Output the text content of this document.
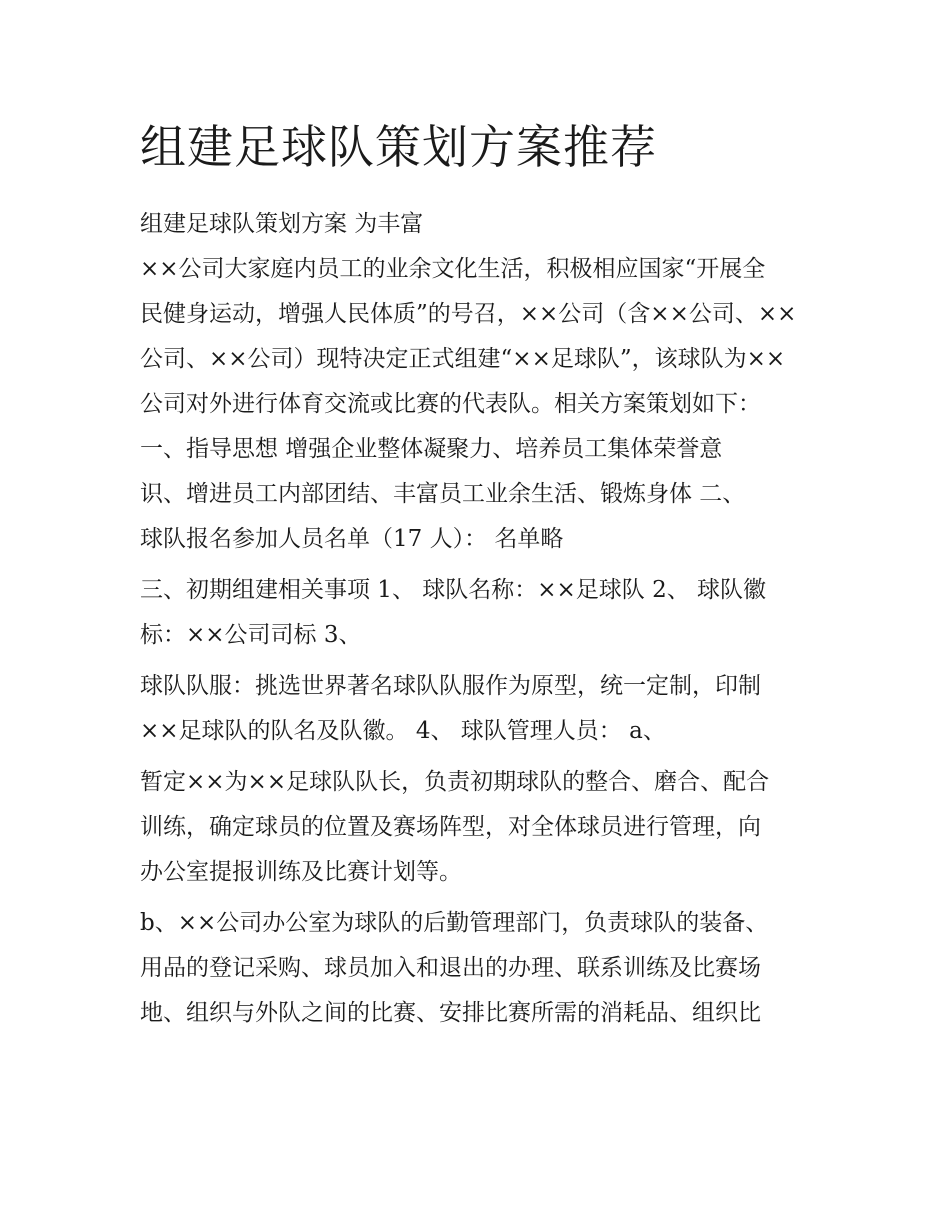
组建足球队策划方案推荐

组建足球队策划方案 为丰富

××公司大家庭内员工的业余文化生活，积极相应国家“开展全

民健身运动，增强人民体质”的号召，××公司（含××公司、××

公司、××公司）现特决定正式组建“××足球队”，该球队为××

公司对外进行体育交流或比赛的代表队。相关方案策划如下：

一、指导思想 增强企业整体凝聚力、培养员工集体荣誉意

识、增进员工内部团结、丰富员工业余生活、锻炼身体 二、

球队报名参加人员名单（17 人）： 名单略

三、初期组建相关事项 1、 球队名称：××足球队 2、 球队徽

标：××公司司标 3、

球队队服：挑选世界著名球队队服作为原型，统一定制，印制

××足球队的队名及队徽。 4、 球队管理人员： a、

暂定××为××足球队队长，负责初期球队的整合、磨合、配合

训练，确定球员的位置及赛场阵型，对全体球员进行管理，向

办公室提报训练及比赛计划等。

b、××公司办公室为球队的后勤管理部门，负责球队的装备、

用品的登记采购、球员加入和退出的办理、联系训练及比赛场

地、组织与外队之间的比赛、安排比赛所需的消耗品、组织比
